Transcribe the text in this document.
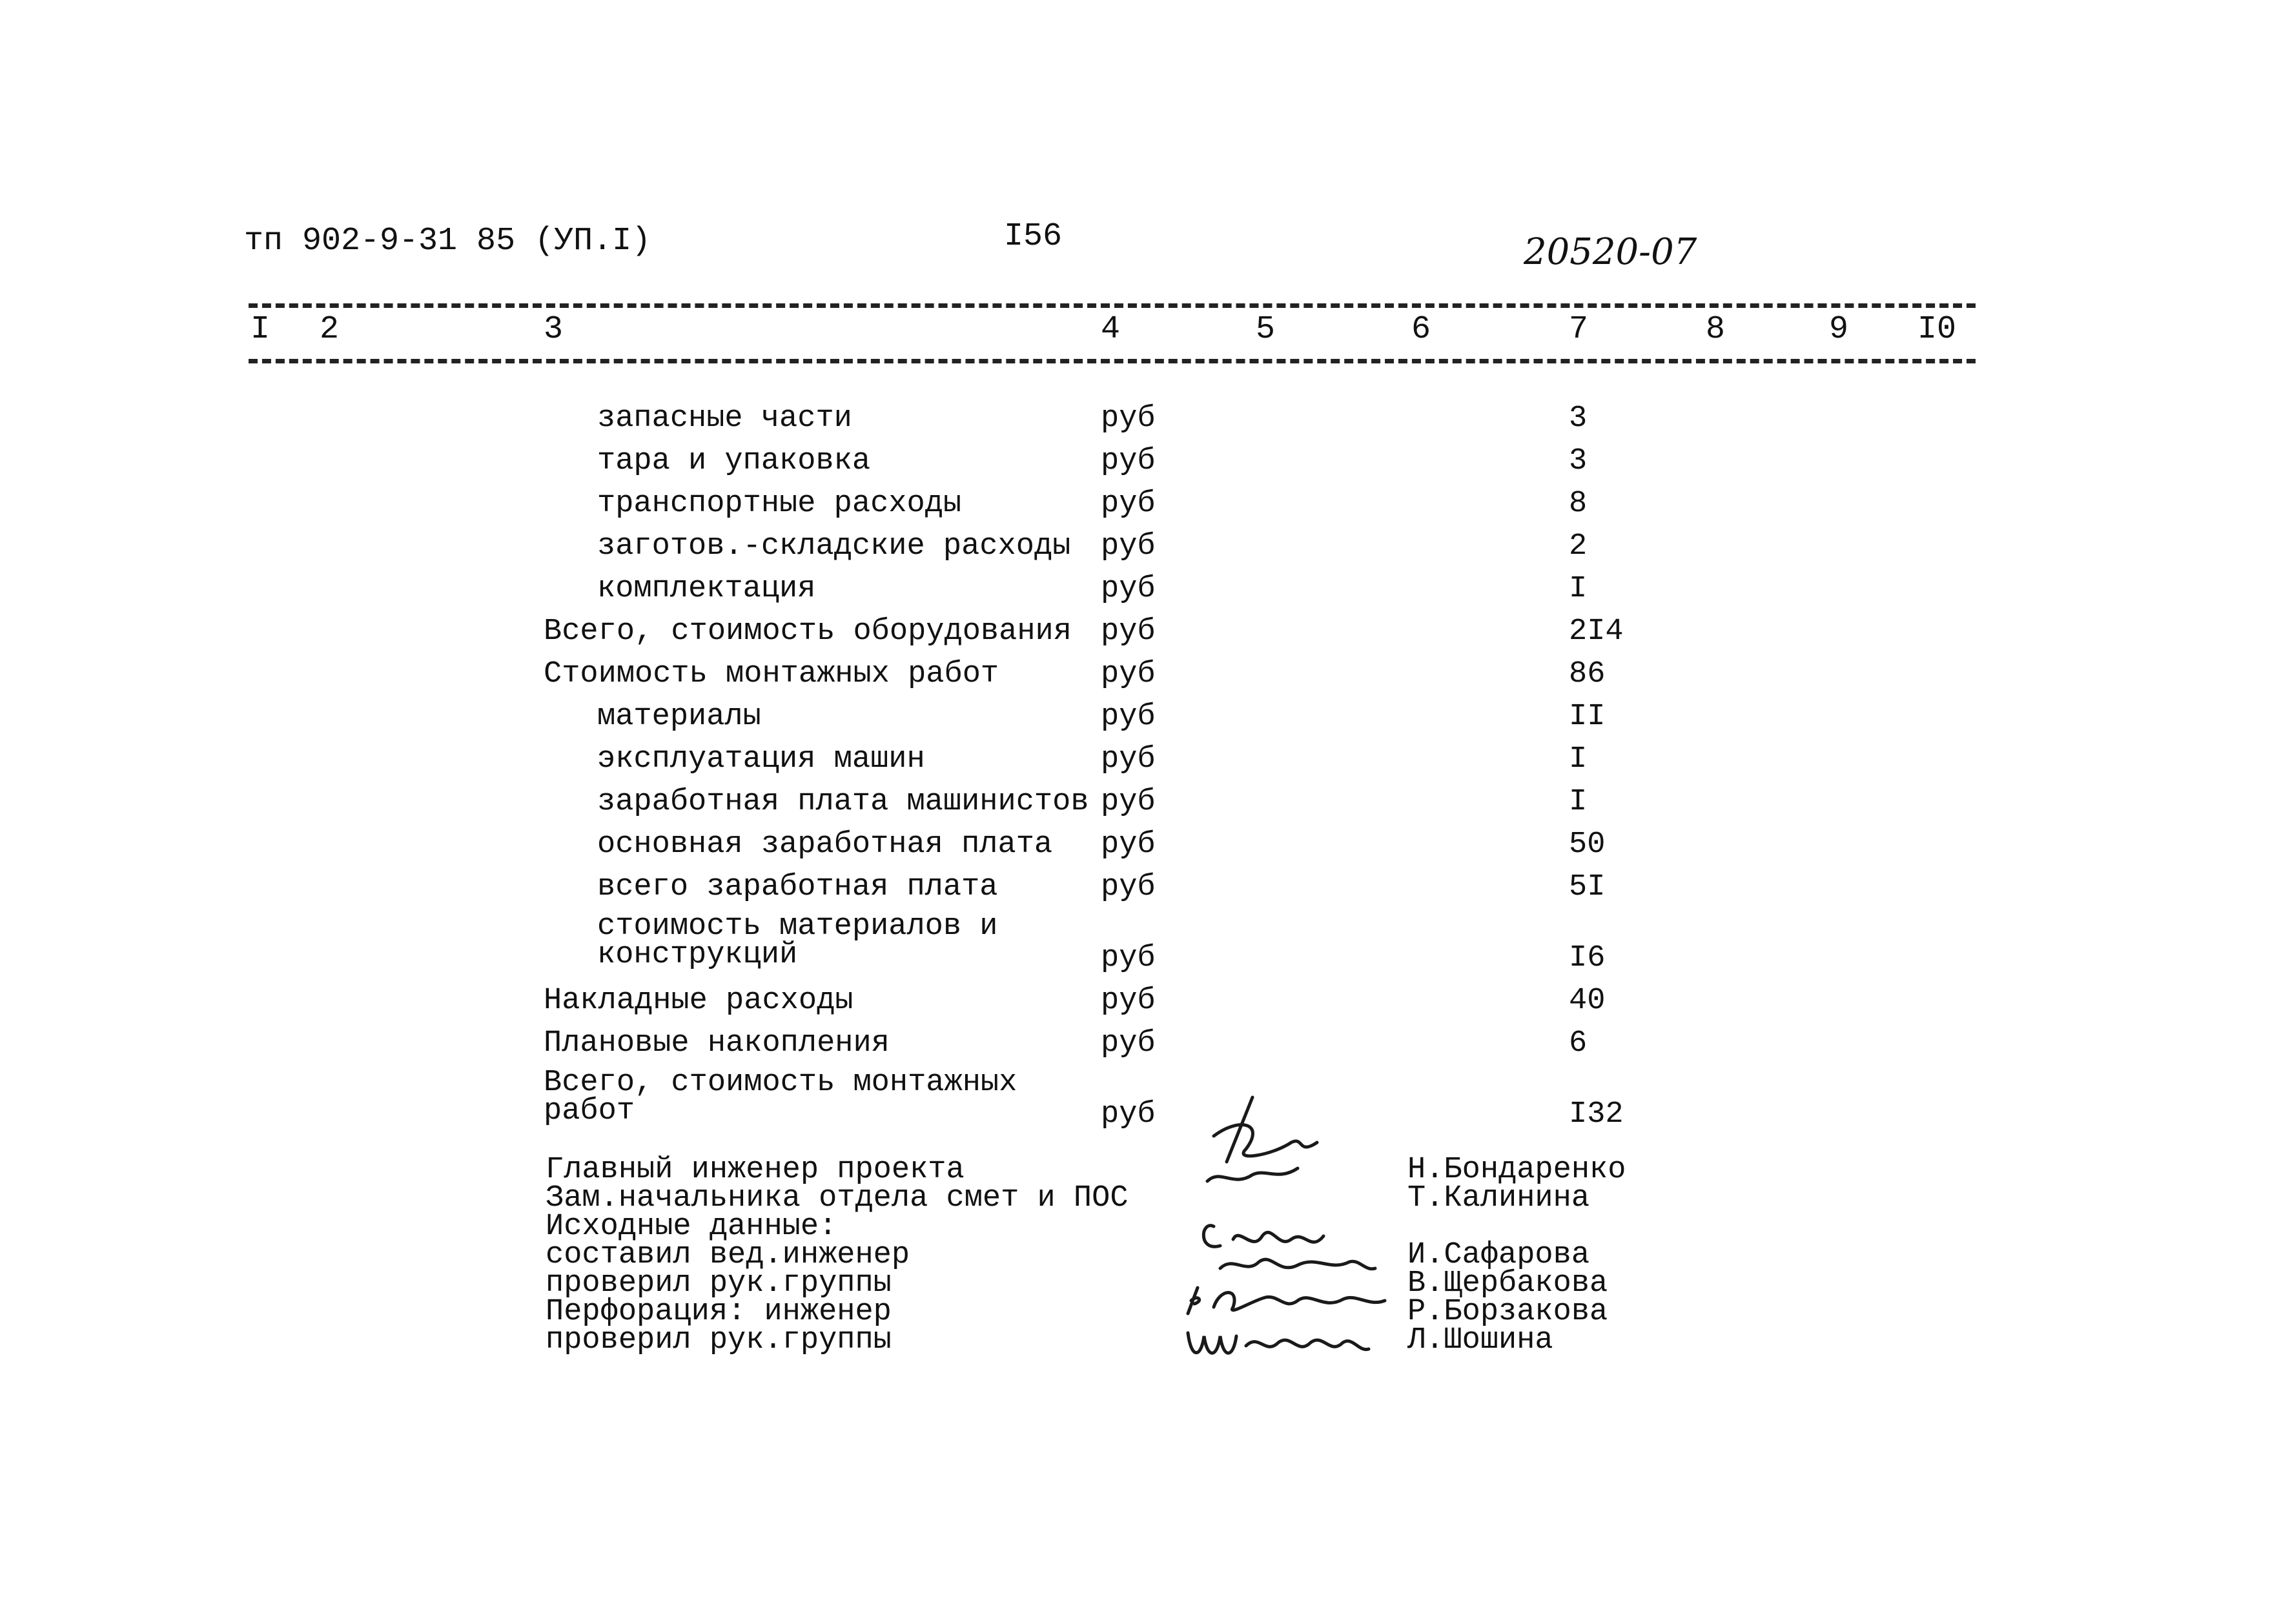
тп 902-9-31 85 (УП.I)	I56	20520-07
I 2	3	4	5	6	7	8	9 I0
запасные части	руб	3
тара и упаковка	руб	3
транспортные расходы	руб	8
заготов.-складские расходы руб	2
комплектация	руб	I
Всего, стоимость оборудования руб	2I4
Стоимость монтажных работ	руб	86
материалы	руб	II
эксплуатация машин	руб	I
заработная плата машинистов руб	I
основная заработная плата руб	50
всего заработная плата	руб	5I
стоимость материалов и
конструкций	руб	I6
Накладные расходы	руб	40
Плановые накопления	руб	6
Всего, стоимость монтажных
работ	руб	I32
Главный инженер проекта	Н.Бондаренко
Зам.начальника отдела смет и ПОС	Т.Калинина
Исходные данные:
составил вед.инженер	И.Сафарова
проверил рук.группы	В.Щербакова
Перфорация: инженер	Р.Борзакова
проверил рук.группы	Л.Шошина
